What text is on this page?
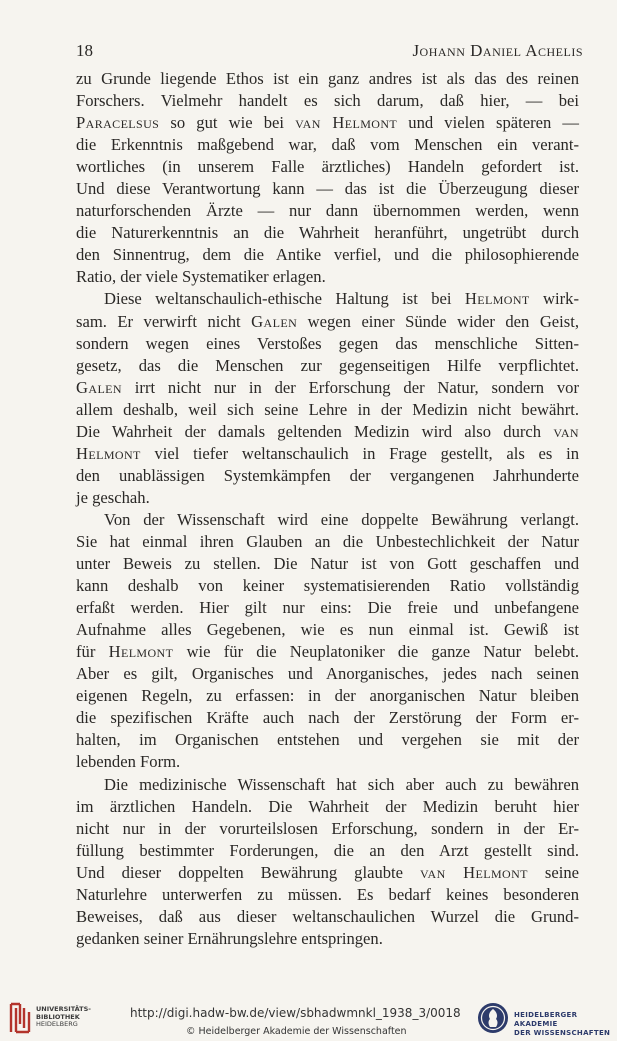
18	Johann Daniel Achelis
zu Grunde liegende Ethos ist ein ganz andres ist als das des reinen
Forschers. Vielmehr handelt es sich darum, daß hier, — bei
Paracelsus so gut wie bei van Helmont und vielen späteren —
die Erkenntnis maßgebend war, daß vom Menschen ein verant-
wortliches (in unserem Falle ärztliches) Handeln gefordert ist.
Und diese Verantwortung kann — das ist die Überzeugung dieser
naturforschenden Ärzte — nur dann übernommen werden, wenn
die Naturerkenntnis an die Wahrheit heranführt, ungetrübt durch
den Sinnentrug, dem die Antike verfiel, und die philosophierende
Ratio, der viele Systematiker erlagen.
Diese weltanschaulich-ethische Haltung ist bei Helmont wirk-
sam. Er verwirft nicht Galen wegen einer Sünde wider den Geist,
sondern wegen eines Verstoßes gegen das menschliche Sitten-
gesetz, das die Menschen zur gegenseitigen Hilfe verpflichtet.
Galen irrt nicht nur in der Erforschung der Natur, sondern vor
allem deshalb, weil sich seine Lehre in der Medizin nicht bewährt.
Die Wahrheit der damals geltenden Medizin wird also durch van
Helmont viel tiefer weltanschaulich in Frage gestellt, als es in
den unablässigen Systemkämpfen der vergangenen Jahrhunderte
je geschah.
Von der Wissenschaft wird eine doppelte Bewährung verlangt.
Sie hat einmal ihren Glauben an die Unbestechlichkeit der Natur
unter Beweis zu stellen. Die Natur ist von Gott geschaffen und
kann deshalb von keiner systematisierenden Ratio vollständig
erfaßt werden. Hier gilt nur eins: Die freie und unbefangene
Aufnahme alles Gegebenen, wie es nun einmal ist. Gewiß ist
für Helmont wie für die Neuplatoniker die ganze Natur belebt.
Aber es gilt, Organisches und Anorganisches, jedes nach seinen
eigenen Regeln, zu erfassen: in der anorganischen Natur bleiben
die spezifischen Kräfte auch nach der Zerstörung der Form er-
halten, im Organischen entstehen und vergehen sie mit der
lebenden Form.
Die medizinische Wissenschaft hat sich aber auch zu bewähren
im ärztlichen Handeln. Die Wahrheit der Medizin beruht hier
nicht nur in der vorurteilslosen Erforschung, sondern in der Er-
füllung bestimmter Forderungen, die an den Arzt gestellt sind.
Und dieser doppelten Bewährung glaubte van Helmont seine
Naturlehre unterwerfen zu müssen. Es bedarf keines besonderen
Beweises, daß aus dieser weltanschaulichen Wurzel die Grund-
gedanken seiner Ernährungslehre entspringen.
UNIVERSITÄTS-
BIBLIOTHEK
HEIDELBERG
http://digi.hadw-bw.de/view/sbhadwmnkl_1938_3/0018
© Heidelberger Akademie der Wissenschaften
HEIDELBERGER AKADEMIE
DER WISSENSCHAFTEN
